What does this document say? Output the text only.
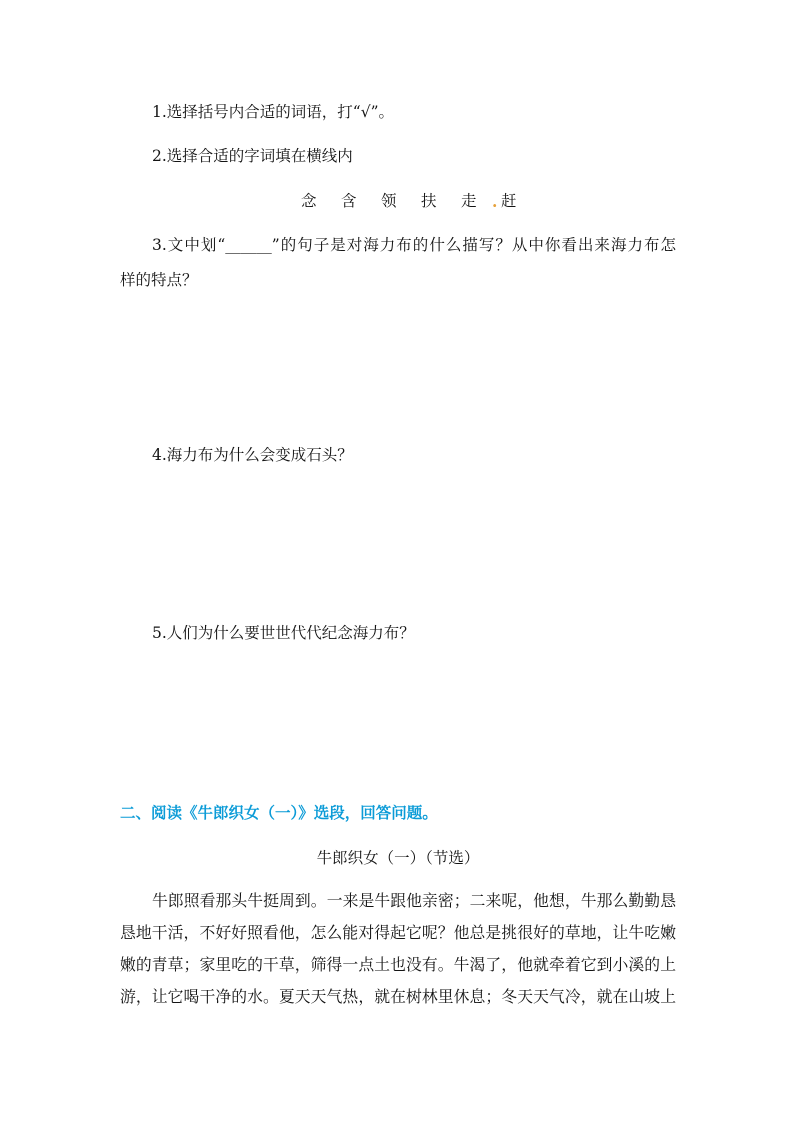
1.选择括号内合适的词语，打“√”。
2.选择合适的字词填在横线内
念 含 领 扶 走 . 赶
3.文中划“______”的句子是对海力布的什么描写？从中你看出来海力布怎
样的特点？
4.海力布为什么会变成石头？
5.人们为什么要世世代代纪念海力布？
二、阅读《牛郎织女（一）》选段，回答问题。
牛郎织女（一）（节选）
牛郎照看那头牛挺周到。一来是牛跟他亲密；二来呢，他想，牛那么勤勤恳
恳地干活，不好好照看他，怎么能对得起它呢？他总是挑很好的草地，让牛吃嫩
嫩的青草；家里吃的干草，筛得一点土也没有。牛渴了，他就牵着它到小溪的上
游，让它喝干净的水。夏天天气热，就在树林里休息；冬天天气冷，就在山坡上
